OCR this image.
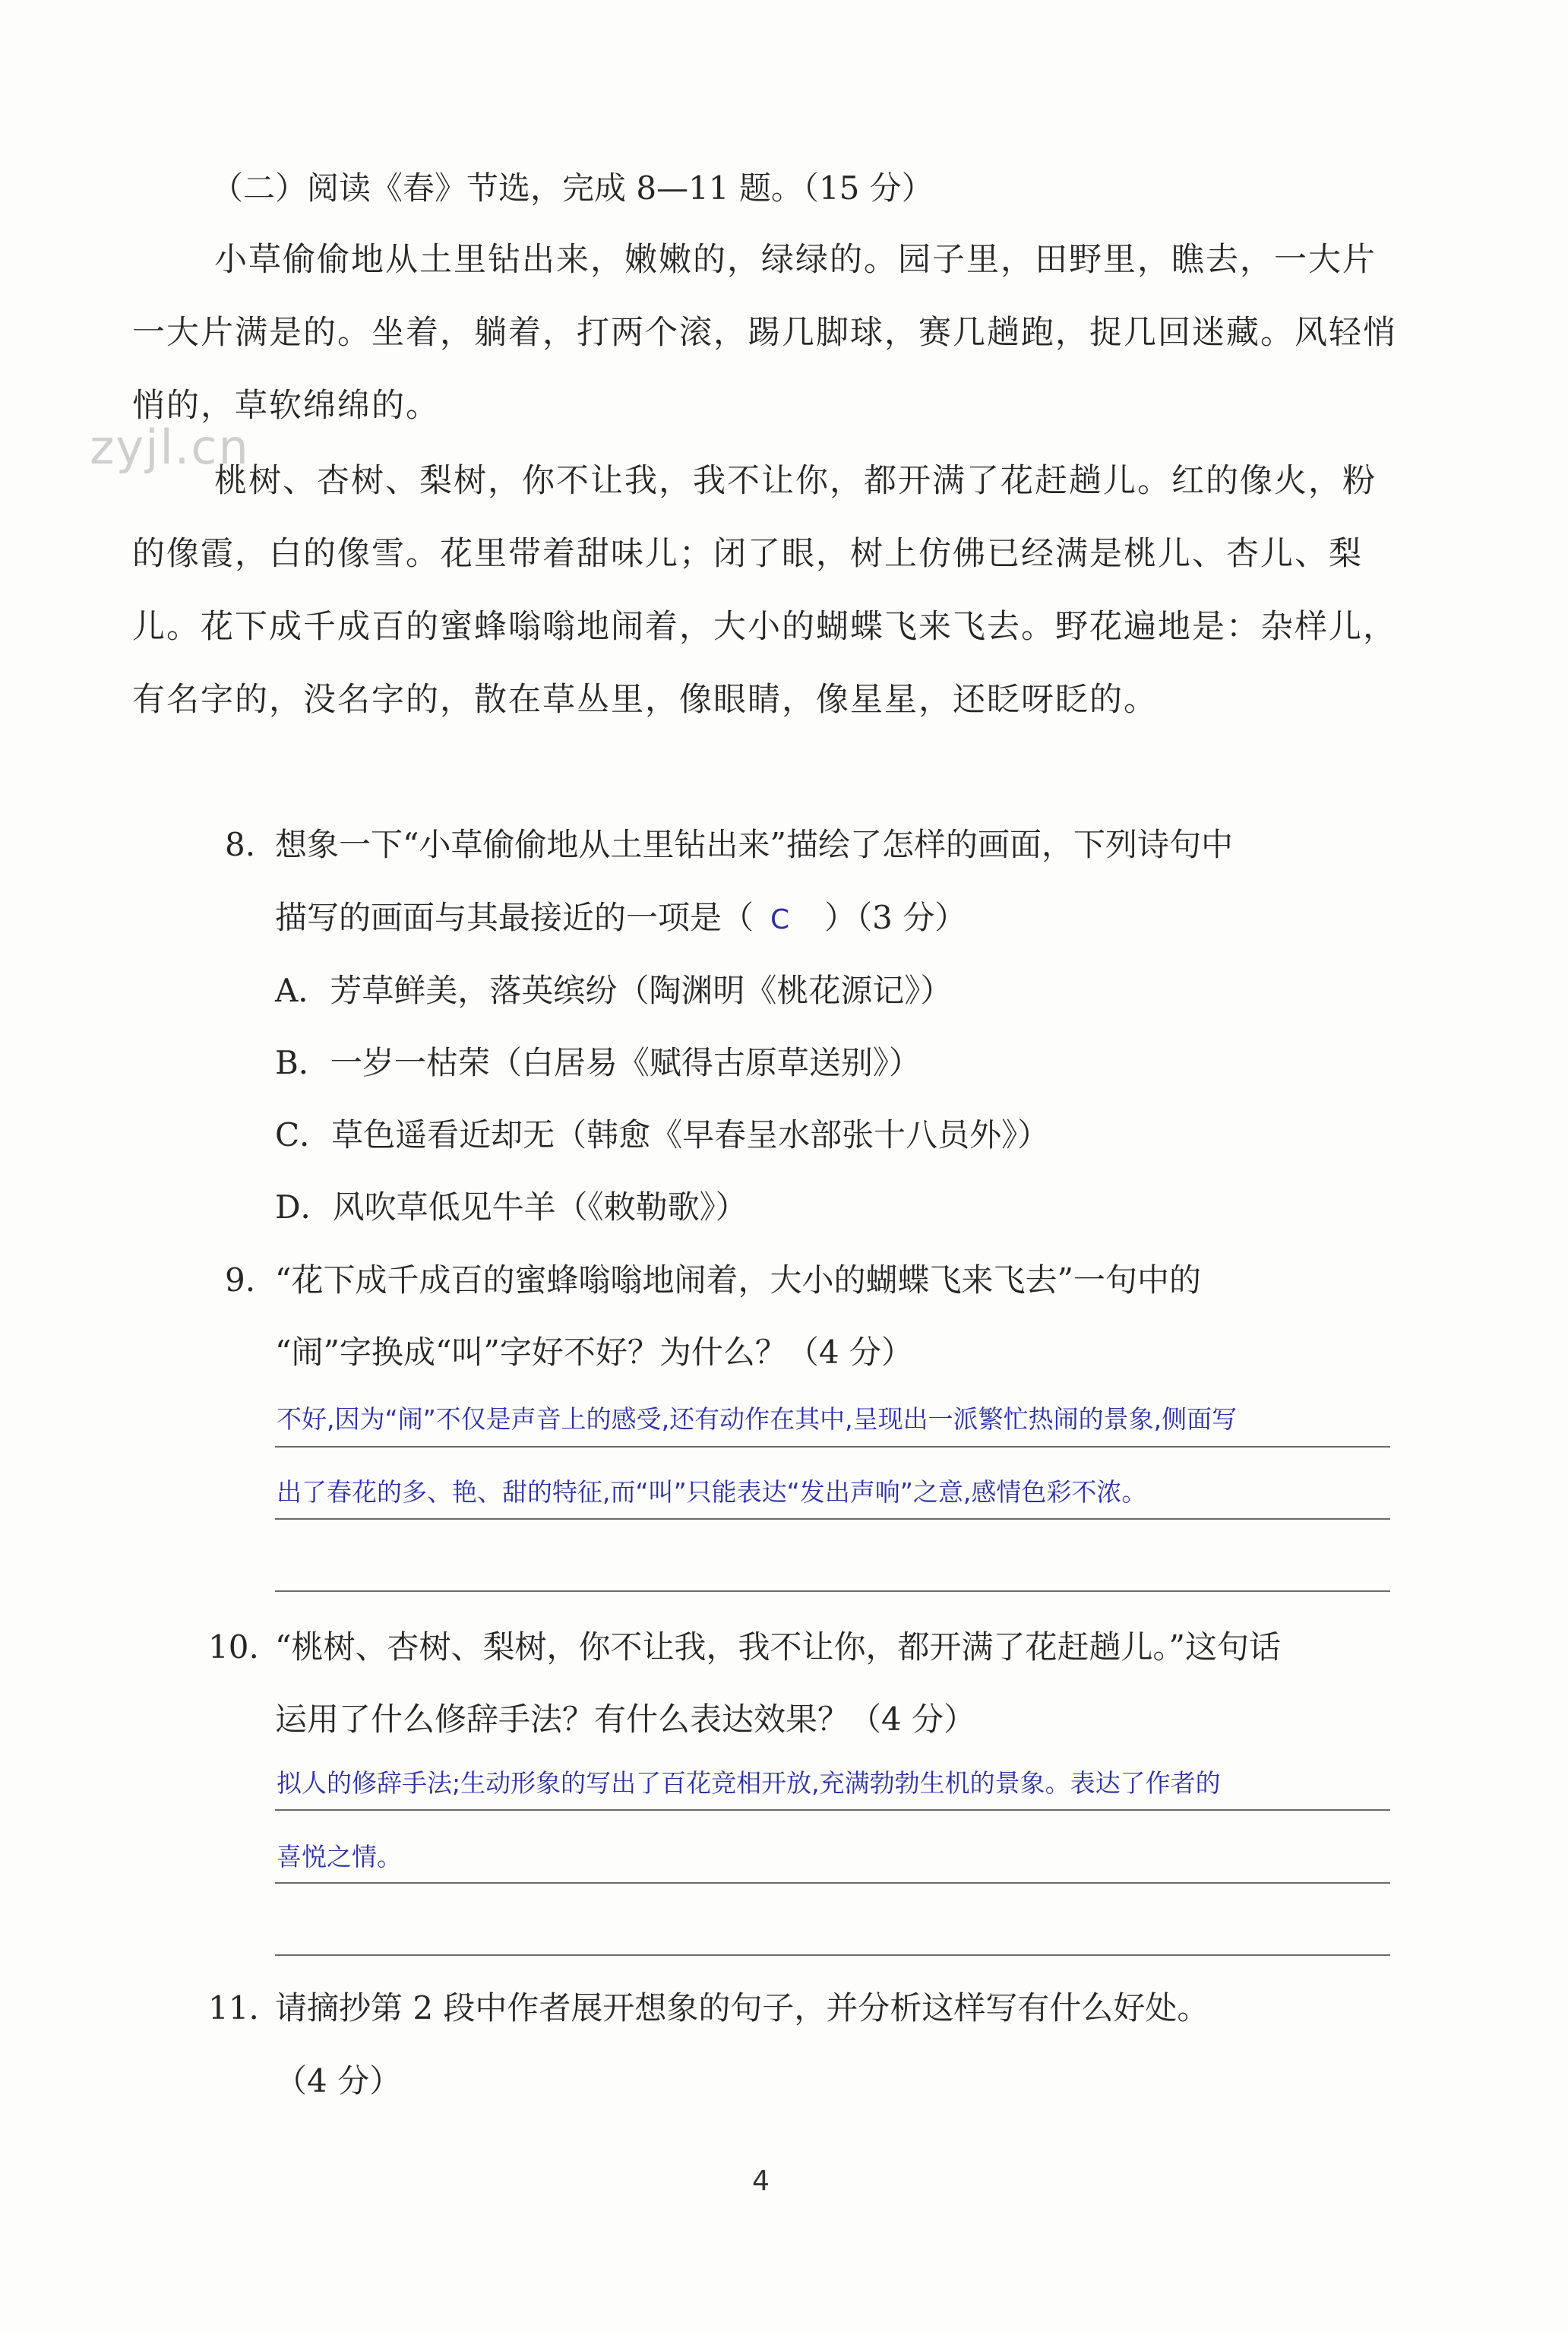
（二）阅读《春》节选，完成 8—11 题。（15 分）
小草偷偷地从土里钻出来，嫩嫩的，绿绿的。园子里，田野里，瞧去，一大片一大片满是的。坐着，躺着，打两个滚，踢几脚球，赛几趟跑，捉几回迷藏。风轻悄悄的，草软绵绵的。
zyjl.cn
桃树、杏树、梨树，你不让我，我不让你，都开满了花赶趟儿。红的像火，粉的像霞，白的像雪。花里带着甜味儿；闭了眼，树上仿佛已经满是桃儿、杏儿、梨儿。花下成千成百的蜜蜂嗡嗡地闹着，大小的蝴蝶飞来飞去。野花遍地是：杂样儿，有名字的，没名字的，散在草丛里，像眼睛，像星星，还眨呀眨的。
8. 想象一下“小草偷偷地从土里钻出来”描绘了怎样的画面，下列诗句中
描写的画面与其最接近的一项是（ C ）（3 分）
A．芳草鲜美，落英缤纷（陶渊明《桃花源记》）
B．一岁一枯荣（白居易《赋得古原草送别》）
C．草色遥看近却无（韩愈《早春呈水部张十八员外》）
D．风吹草低见牛羊（《敕勒歌》）
9. “花下成千成百的蜜蜂嗡嗡地闹着，大小的蝴蝶飞来飞去”一句中的
“闹”字换成“叫”字好不好？为什么？（4 分）
不好,因为“闹”不仅是声音上的感受,还有动作在其中,呈现出一派繁忙热闹的景象,侧面写
出了春花的多、艳、甜的特征,而“叫”只能表达“发出声响”之意,感情色彩不浓。
10. “桃树、杏树、梨树，你不让我，我不让你，都开满了花赶趟儿。”这句话
运用了什么修辞手法？有什么表达效果？（4 分）
拟人的修辞手法;生动形象的写出了百花竞相开放,充满勃勃生机的景象。表达了作者的
喜悦之情。
11. 请摘抄第 2 段中作者展开想象的句子，并分析这样写有什么好处。
（4 分）
4
